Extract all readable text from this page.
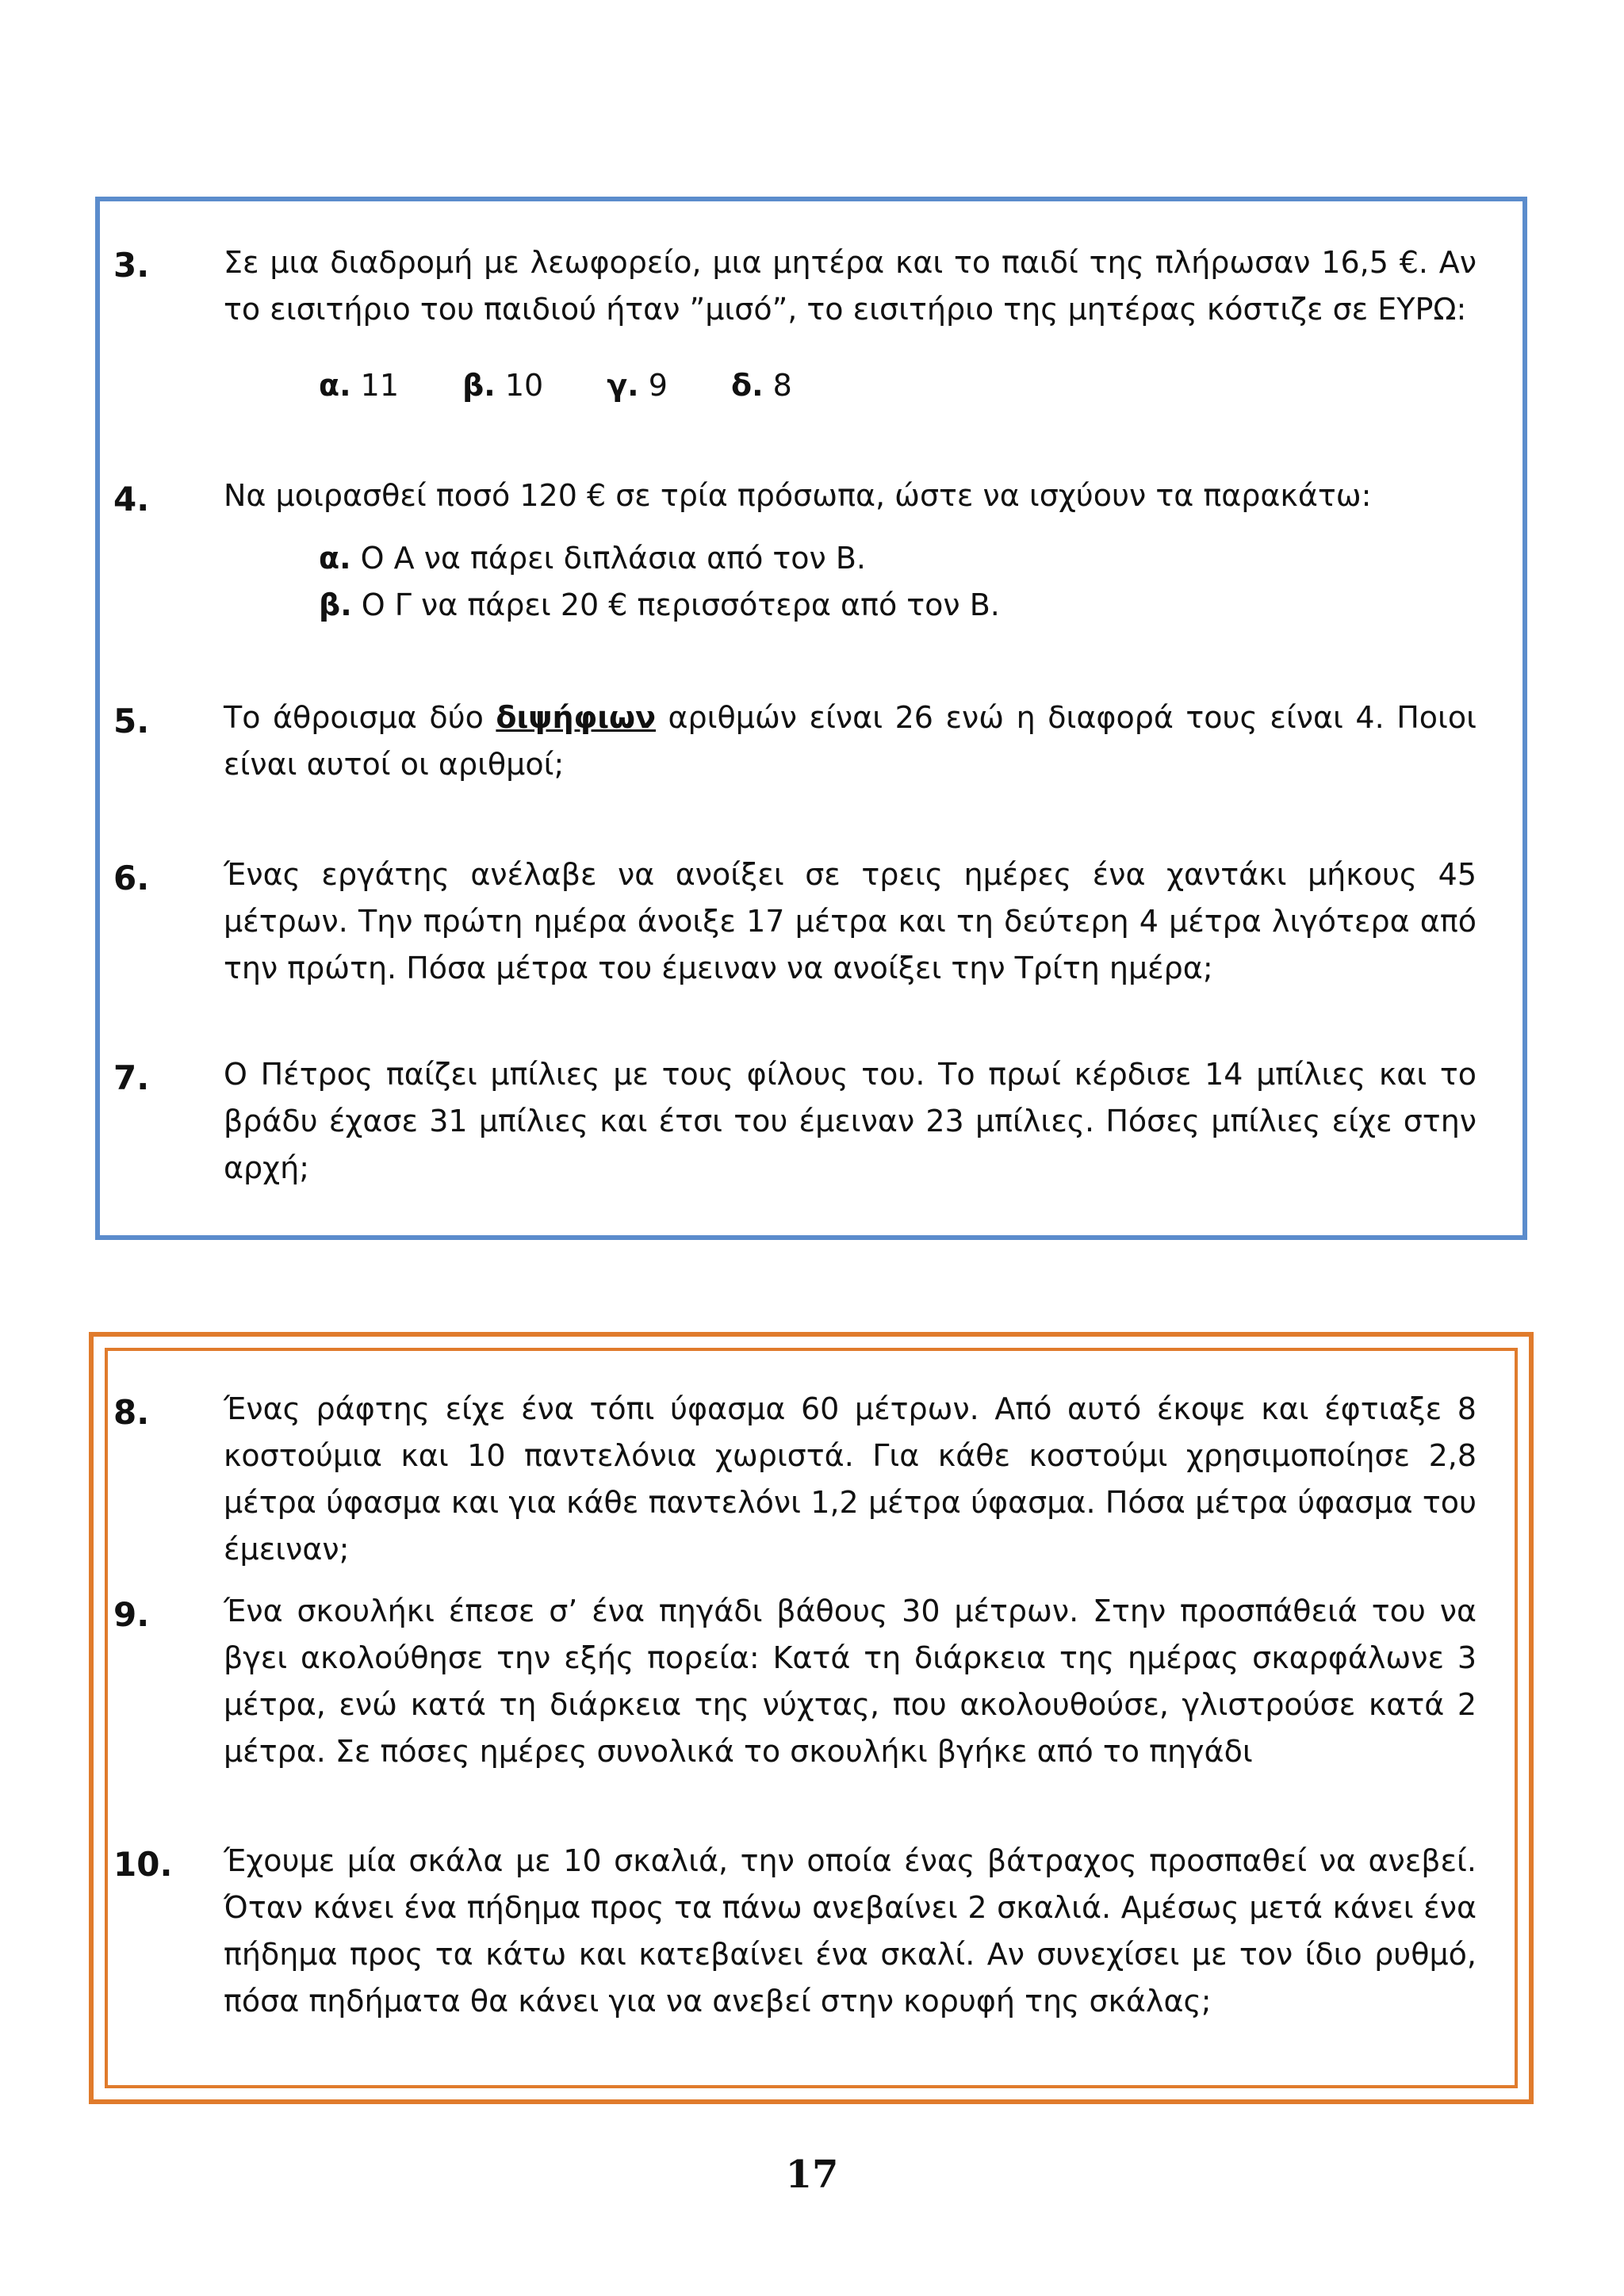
3. Σε μια διαδρομή με λεωφορείο, μια μητέρα και το παιδί της πλήρωσαν 16,5 €. Αν το εισιτήριο του παιδιού ήταν ”μισό”, το εισιτήριο της μητέρας κόστιζε σε ΕΥΡΩ:
α. 11 β. 10 γ. 9 δ. 8
4. Να μοιρασθεί ποσό 120 € σε τρία πρόσωπα, ώστε να ισχύουν τα παρακάτω:
α. Ο Α να πάρει διπλάσια από τον Β.
β. Ο Γ να πάρει 20 € περισσότερα από τον Β.
5. Το άθροισμα δύο διψήφιων αριθμών είναι 26 ενώ η διαφορά τους είναι 4. Ποιοι είναι αυτοί οι αριθμοί;
6. Ένας εργάτης ανέλαβε να ανοίξει σε τρεις ημέρες ένα χαντάκι μήκους 45 μέτρων. Την πρώτη ημέρα άνοιξε 17 μέτρα και τη δεύτερη 4 μέτρα λιγότερα από την πρώτη. Πόσα μέτρα του έμειναν να ανοίξει την Τρίτη ημέρα;
7. Ο Πέτρος παίζει μπίλιες με τους φίλους του. Το πρωί κέρδισε 14 μπίλιες και το βράδυ έχασε 31 μπίλιες και έτσι του έμειναν 23 μπίλιες. Πόσες μπίλιες είχε στην αρχή;
8. Ένας ράφτης είχε ένα τόπι ύφασμα 60 μέτρων. Από αυτό έκοψε και έφτιαξε 8 κοστούμια και 10 παντελόνια χωριστά. Για κάθε κοστούμι χρησιμοποίησε 2,8 μέτρα ύφασμα και για κάθε παντελόνι 1,2 μέτρα ύφασμα. Πόσα μέτρα ύφασμα του έμειναν;
9. Ένα σκουλήκι έπεσε σ’ ένα πηγάδι βάθους 30 μέτρων. Στην προσπάθειά του να βγει ακολούθησε την εξής πορεία: Κατά τη διάρκεια της ημέρας σκαρφάλωνε 3 μέτρα, ενώ κατά τη διάρκεια της νύχτας, που ακολουθούσε, γλιστρούσε κατά 2 μέτρα. Σε πόσες ημέρες συνολικά το σκουλήκι βγήκε από το πηγάδι
10. Έχουμε μία σκάλα με 10 σκαλιά, την οποία ένας βάτραχος προσπαθεί να ανεβεί. Όταν κάνει ένα πήδημα προς τα πάνω ανεβαίνει 2 σκαλιά. Αμέσως μετά κάνει ένα πήδημα προς τα κάτω και κατεβαίνει ένα σκαλί. Αν συνεχίσει με τον ίδιο ρυθμό, πόσα πηδήματα θα κάνει για να ανεβεί στην κορυφή της σκάλας;
17
